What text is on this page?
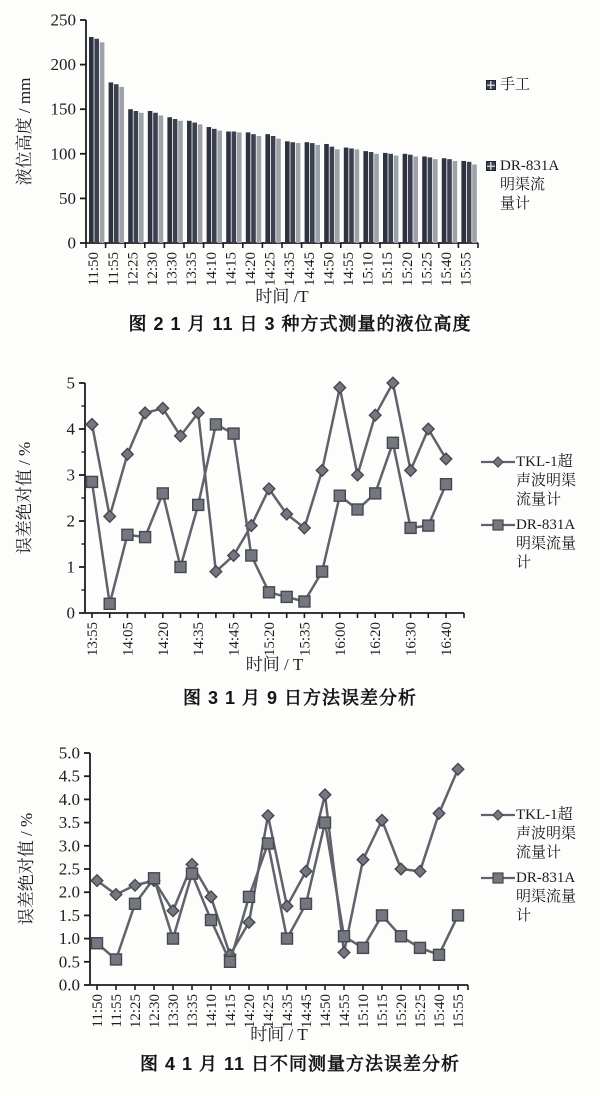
0
50
100
150
200
250
液位高度 / mm
时间 /T
11:50 11:55 12:25 12:30 13:30 13:35 14:10 14:15 14:20 14:25 14:35 14:45 14:50 14:55 15:10 15:15 15:20 15:25 15:40 15:55
0
1
2
3
4
5
误差绝对值 / %
时间 / T
13:55 14:05 14:20 14:35 14:45 15:20 15:35 16:00 16:20 16:30 16:40
0.0
0.5
1.0
1.5
2.0
2.5
3.0
3.5
4.0
4.5
5.0
误差绝对值 / %
时间 / T
11:50 11:55 12:25 12:30 13:30 13:35 14:10 14:15 14:20 14:25 14:35 14:45 14:50 14:55 15:10 15:15 15:20 15:25 15:40 15:55
图 2 1 月 11 日 3 种方式测量的液位高度
图 3 1 月 9 日方法误差分析
图 4 1 月 11 日不同测量方法误差分析
手工
DR-831A
明渠流
量计
TKL-1超
声波明渠
流量计
DR-831A
明渠流量
计
TKL-1超
声波明渠
流量计
DR-831A
明渠流量
计
